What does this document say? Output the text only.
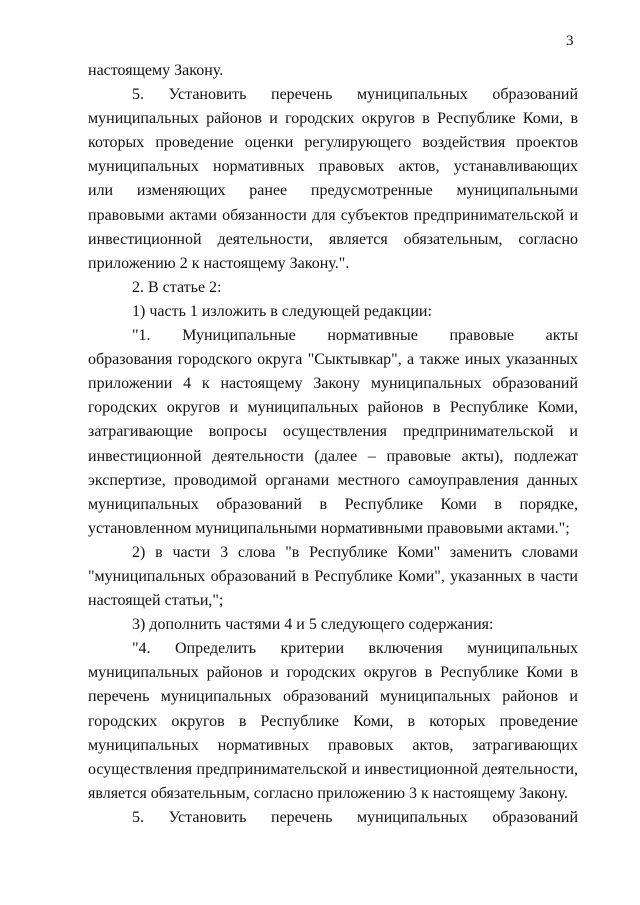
3
настоящему Закону.
5. Установить перечень муниципальных образований
муниципальных районов и городских округов в Республике Коми, в
которых проведение оценки регулирующего воздействия проектов
муниципальных нормативных правовых актов, устанавливающих
или изменяющих ранее предусмотренные муниципальными
правовыми актами обязанности для субъектов предпринимательской и
инвестиционной деятельности, является обязательным, согласно
приложению 2 к настоящему Закону.".
2. В статье 2:
1) часть 1 изложить в следующей редакции:
"1. Муниципальные нормативные правовые акты
образования городского округа "Сыктывкар", а также иных указанных
приложении 4 к настоящему Закону муниципальных образований
городских округов и муниципальных районов в Республике Коми,
затрагивающие вопросы осуществления предпринимательской и
инвестиционной деятельности (далее – правовые акты), подлежат
экспертизе, проводимой органами местного самоуправления данных
муниципальных образований в Республике Коми в порядке,
установленном муниципальными нормативными правовыми актами.";
2) в части 3 слова "в Республике Коми" заменить словами
"муниципальных образований в Республике Коми", указанных в части
настоящей статьи,";
3) дополнить частями 4 и 5 следующего содержания:
"4. Определить критерии включения муниципальных
муниципальных районов и городских округов в Республике Коми в
перечень муниципальных образований муниципальных районов и
городских округов в Республике Коми, в которых проведение
муниципальных нормативных правовых актов, затрагивающих
осуществления предпринимательской и инвестиционной деятельности,
является обязательным, согласно приложению 3 к настоящему Закону.
5. Установить перечень муниципальных образований
